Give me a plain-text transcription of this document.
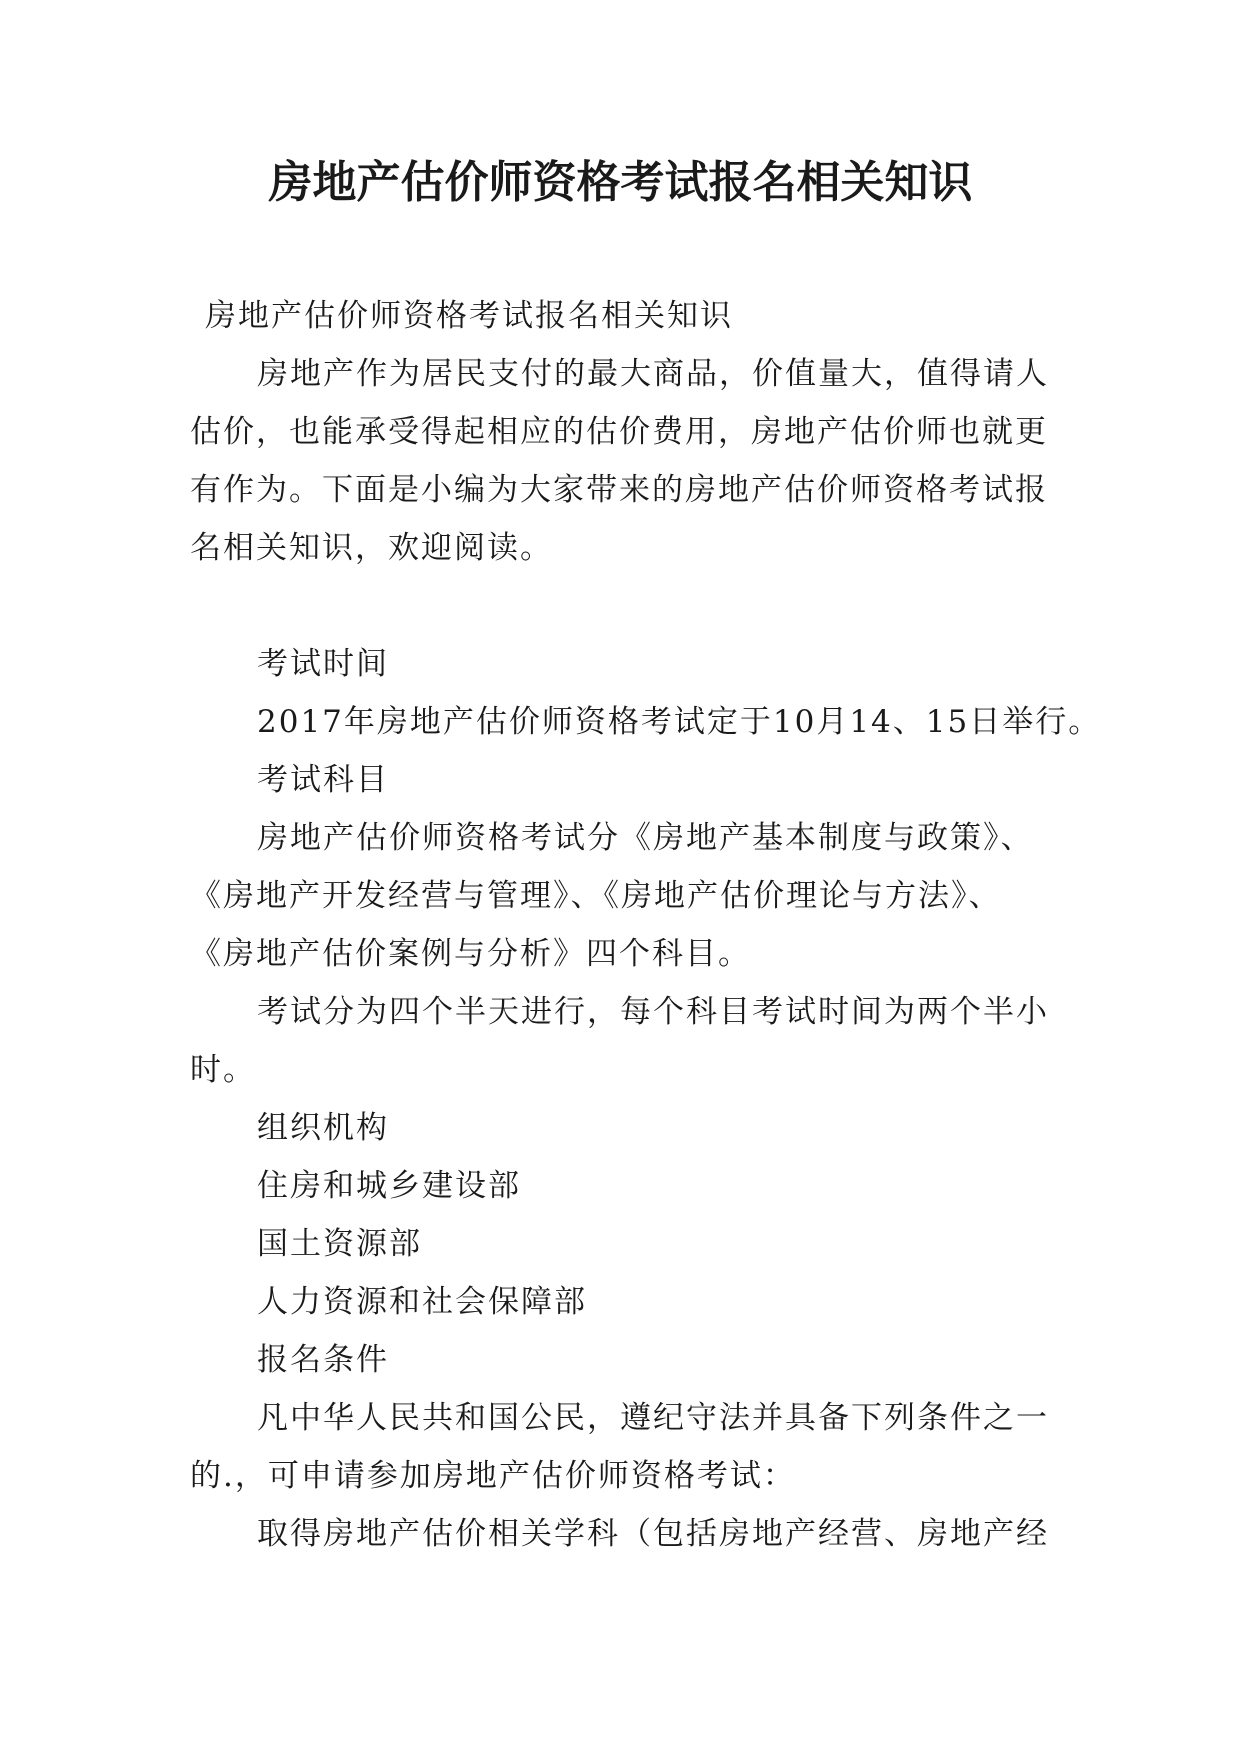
房地产估价师资格考试报名相关知识
房地产估价师资格考试报名相关知识
房地产作为居民支付的最大商品，价值量大，值得请人
估价，也能承受得起相应的估价费用，房地产估价师也就更
有作为。下面是小编为大家带来的房地产估价师资格考试报
名相关知识，欢迎阅读。
考试时间
2017年房地产估价师资格考试定于10月14、15日举行。
考试科目
房地产估价师资格考试分《房地产基本制度与政策》、
《房地产开发经营与管理》、《房地产估价理论与方法》、
《房地产估价案例与分析》四个科目。
考试分为四个半天进行，每个科目考试时间为两个半小
时。
组织机构
住房和城乡建设部
国土资源部
人力资源和社会保障部
报名条件
凡中华人民共和国公民，遵纪守法并具备下列条件之一
的.，可申请参加房地产估价师资格考试：
取得房地产估价相关学科（包括房地产经营、房地产经
